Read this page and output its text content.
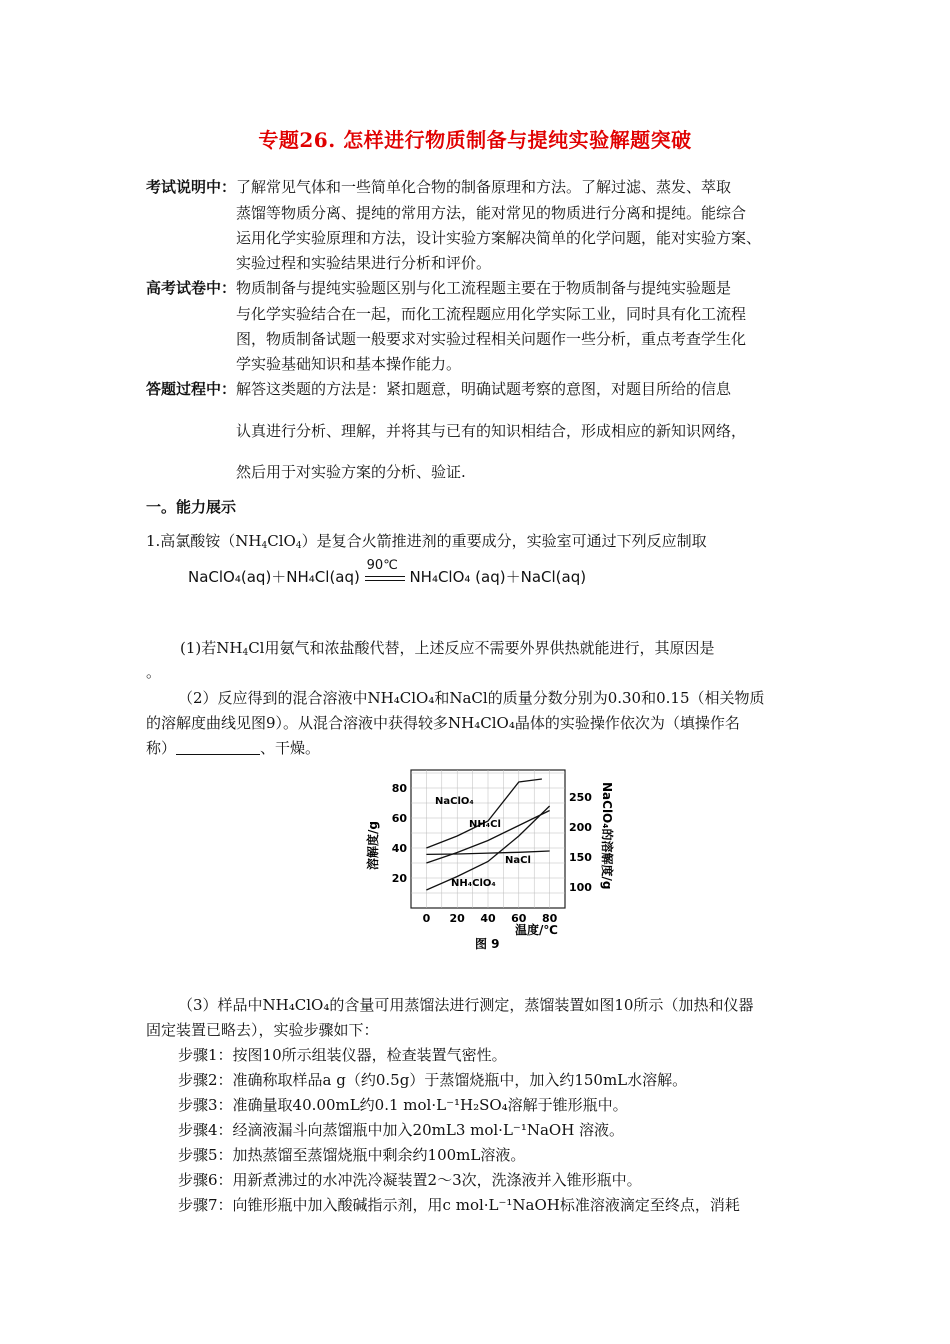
专题26. 怎样进行物质制备与提纯实验解题突破
考试说明中：了解常见气体和一些简单化合物的制备原理和方法。了解过滤、蒸发、萃取
蒸馏等物质分离、提纯的常用方法，能对常见的物质进行分离和提纯。能综合
运用化学实验原理和方法，设计实验方案解决简单的化学问题，能对实验方案、
实验过程和实验结果进行分析和评价。
高考试卷中：物质制备与提纯实验题区别与化工流程题主要在于物质制备与提纯实验题是
与化学实验结合在一起，而化工流程题应用化学实际工业，同时具有化工流程
图，物质制备试题一般要求对实验过程相关问题作一些分析，重点考查学生化
学实验基础知识和基本操作能力。
答题过程中：解答这类题的方法是：紧扣题意，明确试题考察的意图，对题目所给的信息
认真进行分析、理解，并将其与已有的知识相结合，形成相应的新知识网络，
然后用于对实验方案的分析、验证.
一。能力展示
1.高氯酸铵$(NH_4ClO_4)$是复合火箭推进剂的重要成分，实验室可通过下列反应制取
NaClO₄(aq)＋NH₄Cl(aq)
90℃
NH₄ClO₄ (aq)＋NaCl(aq)
(1)若$NH_4Cl$用氨气和浓盐酸代替，上述反应不需要外界供热就能进行，其原因是
。
（2）反应得到的混合溶液中NH₄ClO₄和NaCl的质量分数分别为0.30和0.15（相关物质
的溶解度曲线见图9）。从混合溶液中获得较多NH₄ClO₄晶体的实验操作依次为（填操作名
称）	、干燥。
0 20 40 60 80
20
40
60
80
100
150
200
250
温度/℃
图 9
溶解度/g	NaClO₄的溶解度/g
NaClO₄
NH₄Cl
NaCl
NH₄ClO₄
（3）样品中NH₄ClO₄的含量可用蒸馏法进行测定，蒸馏装置如图10所示（加热和仪器
固定装置已略去），实验步骤如下：
步骤1：按图10所示组装仪器，检查装置气密性。
步骤2：准确称取样品a g（约0.5g）于蒸馏烧瓶中，加入约150mL水溶解。
步骤3：准确量取40.00mL约0.1 mol·L⁻¹H₂SO₄溶解于锥形瓶中。
步骤4：经滴液漏斗向蒸馏瓶中加入20mL3 mol·L⁻¹NaOH 溶液。
步骤5：加热蒸馏至蒸馏烧瓶中剩余约100mL溶液。
步骤6：用新煮沸过的水冲洗冷凝装置2～3次，洗涤液并入锥形瓶中。
步骤7：向锥形瓶中加入酸碱指示剂，用c mol·L⁻¹NaOH标准溶液滴定至终点，消耗
